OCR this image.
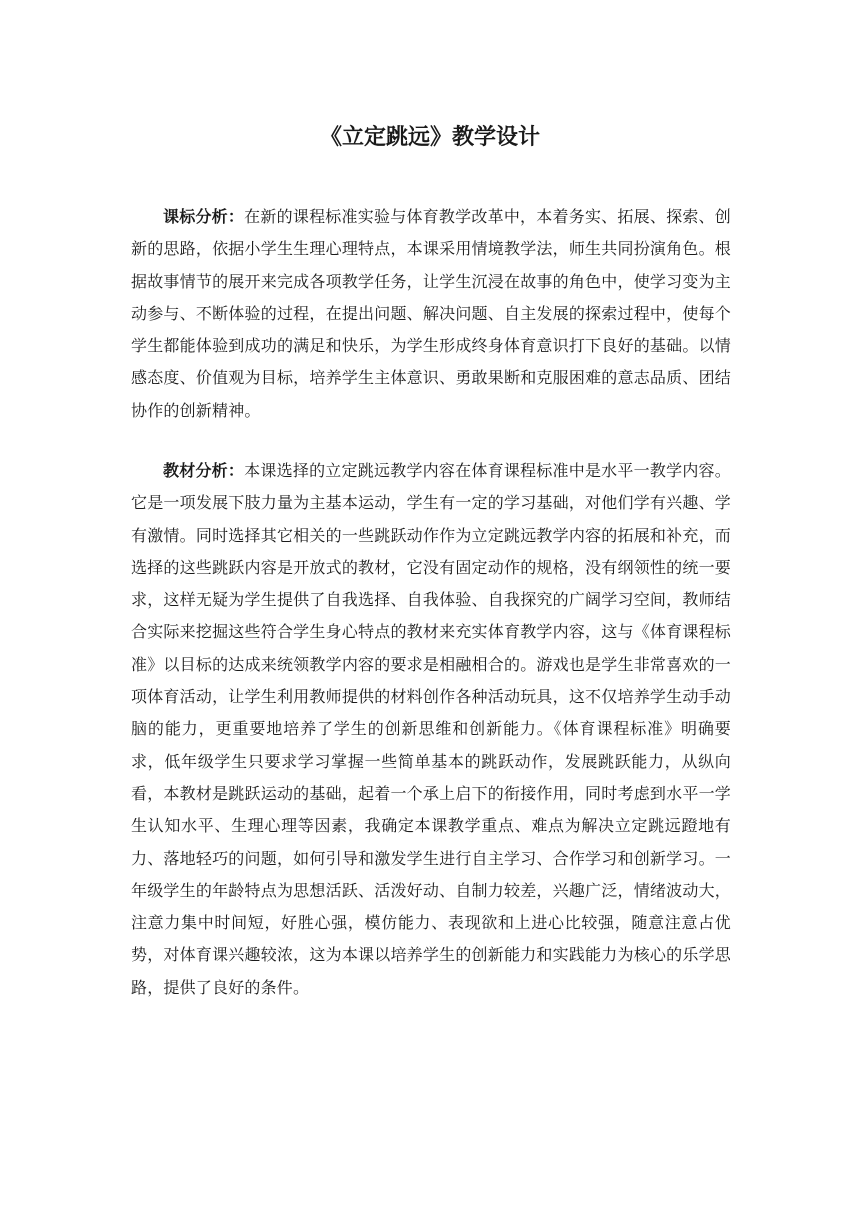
《立定跳远》教学设计

课标分析：在新的课程标准实验与体育教学改革中，本着务实、拓展、探索、创新的思路，依据小学生生理心理特点，本课采用情境教学法，师生共同扮演角色。根据故事情节的展开来完成各项教学任务，让学生沉浸在故事的角色中，使学习变为主动参与、不断体验的过程，在提出问题、解决问题、自主发展的探索过程中，使每个学生都能体验到成功的满足和快乐，为学生形成终身体育意识打下良好的基础。以情感态度、价值观为目标，培养学生主体意识、勇敢果断和克服困难的意志品质、团结协作的创新精神。

教材分析：本课选择的立定跳远教学内容在体育课程标准中是水平一教学内容。它是一项发展下肢力量为主基本运动，学生有一定的学习基础，对他们学有兴趣、学有激情。同时选择其它相关的一些跳跃动作作为立定跳远教学内容的拓展和补充，而选择的这些跳跃内容是开放式的教材，它没有固定动作的规格，没有纲领性的统一要求，这样无疑为学生提供了自我选择、自我体验、自我探究的广阔学习空间，教师结合实际来挖掘这些符合学生身心特点的教材来充实体育教学内容，这与《体育课程标准》以目标的达成来统领教学内容的要求是相融相合的。游戏也是学生非常喜欢的一项体育活动，让学生利用教师提供的材料创作各种活动玩具，这不仅培养学生动手动脑的能力，更重要地培养了学生的创新思维和创新能力。《体育课程标准》明确要求，低年级学生只要求学习掌握一些简单基本的跳跃动作，发展跳跃能力，从纵向看，本教材是跳跃运动的基础，起着一个承上启下的衔接作用，同时考虑到水平一学生认知水平、生理心理等因素，我确定本课教学重点、难点为解决立定跳远蹬地有力、落地轻巧的问题，如何引导和激发学生进行自主学习、合作学习和创新学习。一年级学生的年龄特点为思想活跃、活泼好动、自制力较差，兴趣广泛，情绪波动大，注意力集中时间短，好胜心强，模仿能力、表现欲和上进心比较强，随意注意占优势，对体育课兴趣较浓，这为本课以培养学生的创新能力和实践能力为核心的乐学思路，提供了良好的条件。
